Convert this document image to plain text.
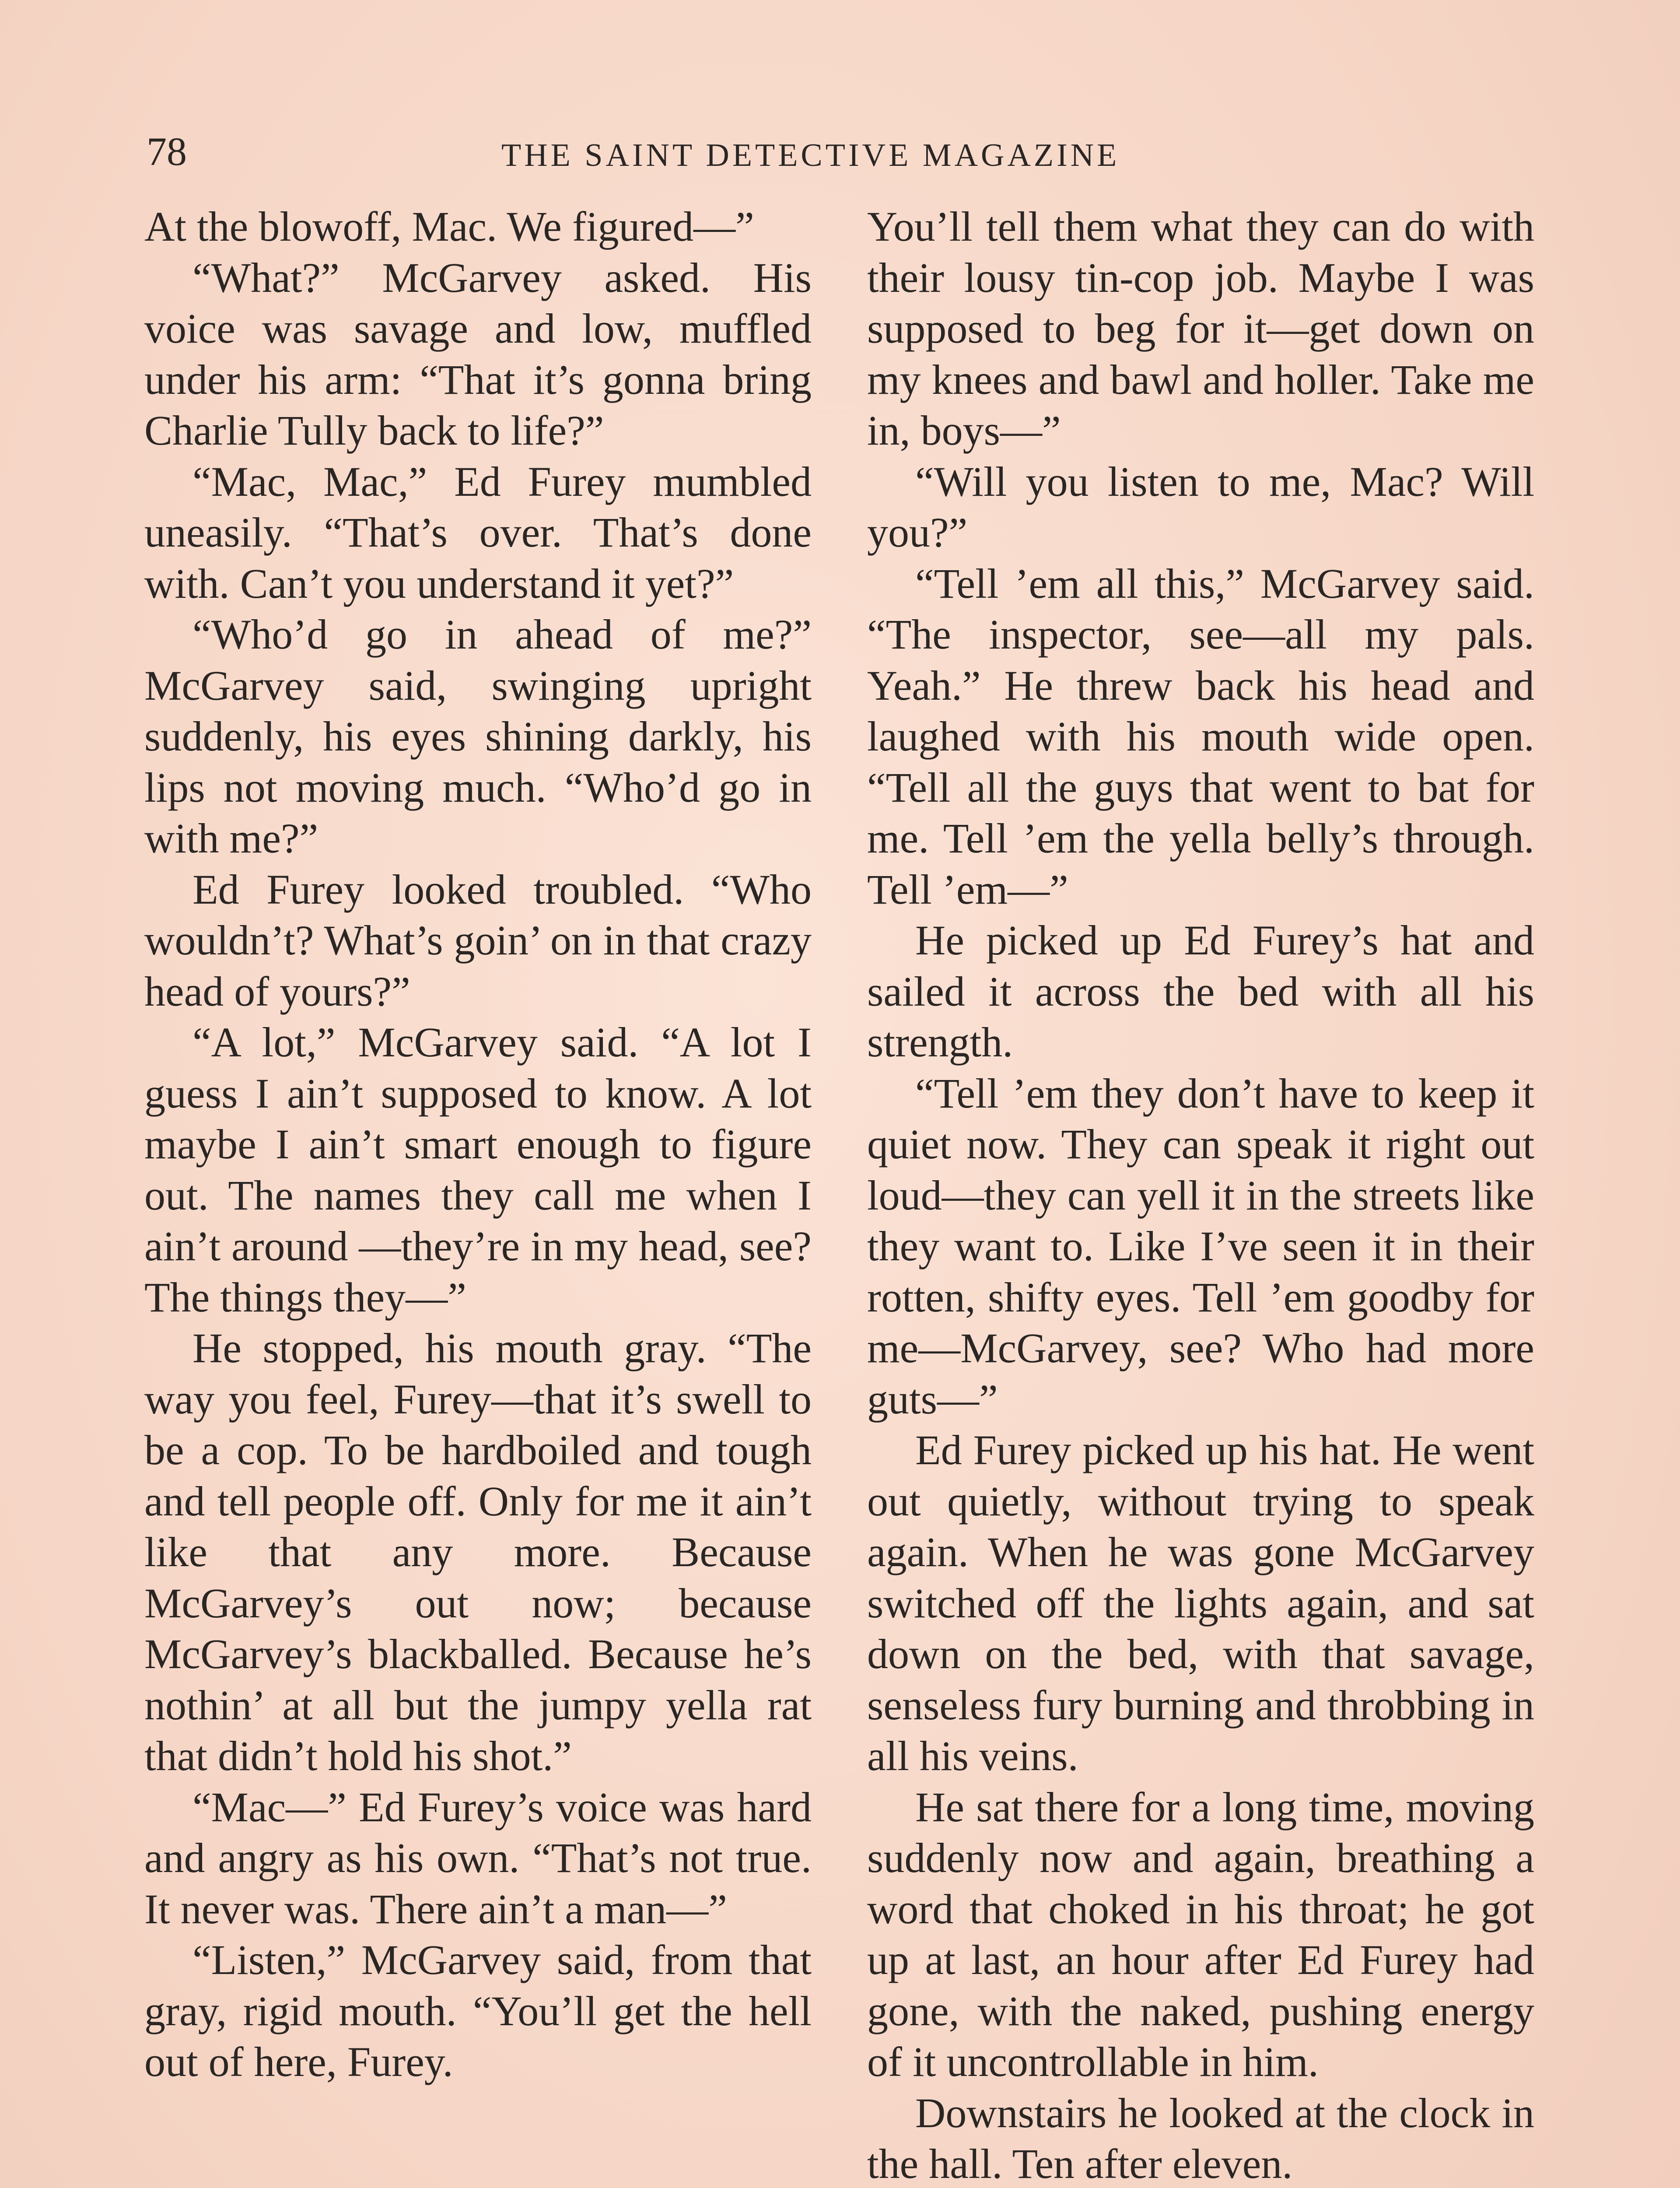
78	THE SAINT DETECTIVE MAGAZINE

At the blowoff, Mac. We figured—”

“What?” McGarvey asked. His voice was savage and low, muffled under his arm: “That it’s gonna bring Charlie Tully back to life?”

“Mac, Mac,” Ed Furey mumbled uneasily. “That’s over. That’s done with. Can’t you understand it yet?”

“Who’d go in ahead of me?” McGarvey said, swinging upright suddenly, his eyes shining darkly, his lips not moving much. “Who’d go in with me?”

Ed Furey looked troubled. “Who wouldn’t? What’s goin’ on in that crazy head of yours?”

“A lot,” McGarvey said. “A lot I guess I ain’t supposed to know. A lot maybe I ain’t smart enough to figure out. The names they call me when I ain’t around —they’re in my head, see? The things they—”

He stopped, his mouth gray. “The way you feel, Furey—that it’s swell to be a cop. To be hardboiled and tough and tell people off. Only for me it ain’t like that any more. Because McGarvey’s out now; because McGarvey’s blackballed. Because he’s nothin’ at all but the jumpy yella rat that didn’t hold his shot.”

“Mac—” Ed Furey’s voice was hard and angry as his own. “That’s not true. It never was. There ain’t a man—”

“Listen,” McGarvey said, from that gray, rigid mouth. “You’ll get the hell out of here, Furey.

You’ll tell them what they can do with their lousy tin-cop job. Maybe I was supposed to beg for it—get down on my knees and bawl and holler. Take me in, boys—”

“Will you listen to me, Mac? Will you?”

“Tell ’em all this,” McGarvey said. “The inspector, see—all my pals. Yeah.” He threw back his head and laughed with his mouth wide open. “Tell all the guys that went to bat for me. Tell ’em the yella belly’s through. Tell ’em—”

He picked up Ed Furey’s hat and sailed it across the bed with all his strength.

“Tell ’em they don’t have to keep it quiet now. They can speak it right out loud—they can yell it in the streets like they want to. Like I’ve seen it in their rotten, shifty eyes. Tell ’em goodby for me—McGarvey, see? Who had more guts—”

Ed Furey picked up his hat. He went out quietly, without trying to speak again. When he was gone McGarvey switched off the lights again, and sat down on the bed, with that savage, senseless fury burning and throbbing in all his veins.

He sat there for a long time, moving suddenly now and again, breathing a word that choked in his throat; he got up at last, an hour after Ed Furey had gone, with the naked, pushing energy of it uncontrollable in him.

Downstairs he looked at the clock in the hall. Ten after eleven.
